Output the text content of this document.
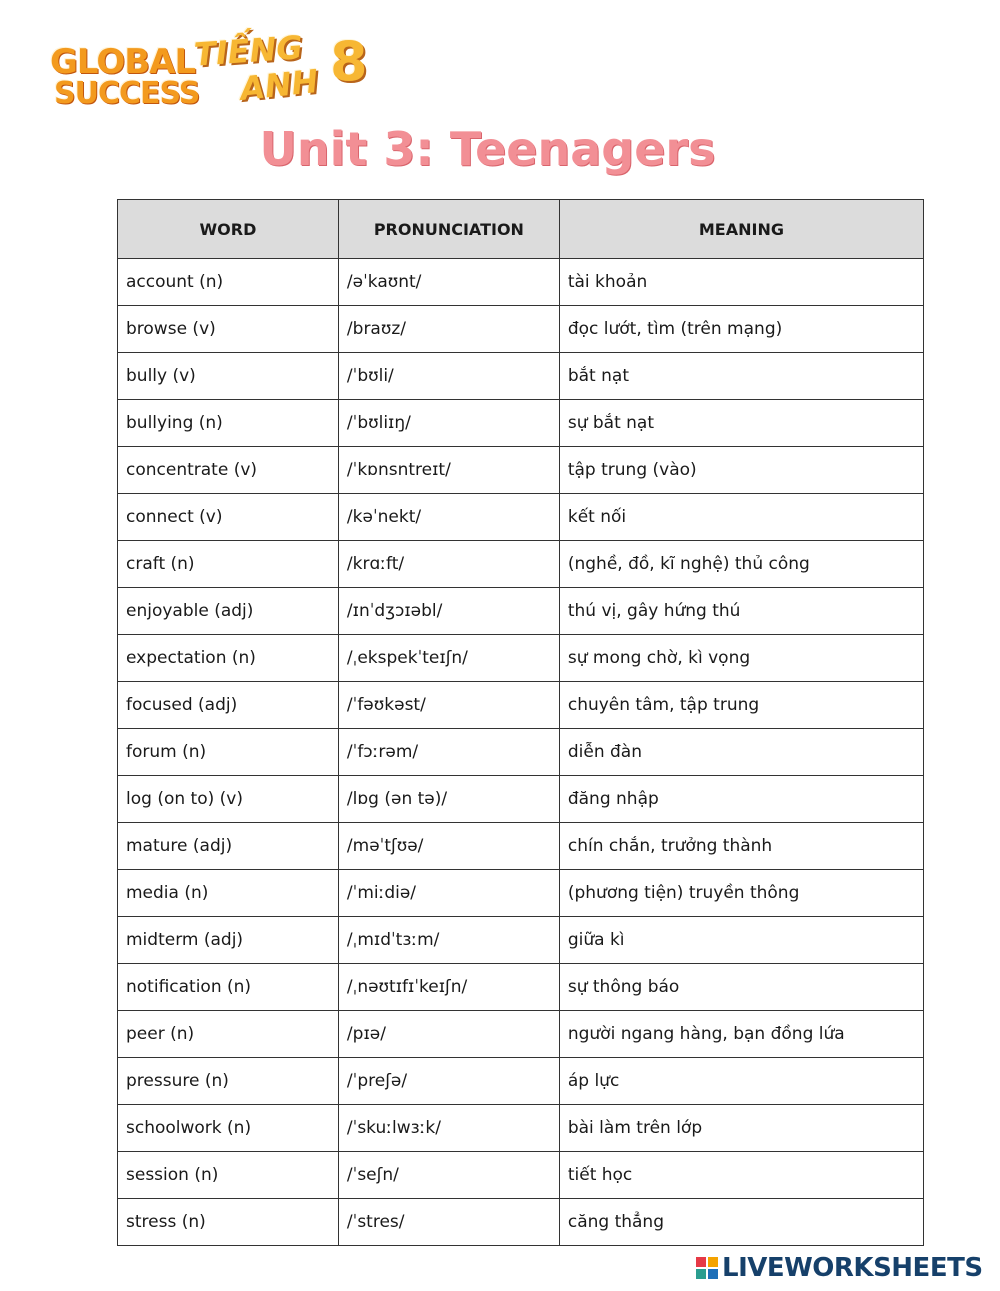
GLOBAL
SUCCESS
TIẾNG
ANH 8
Unit 3: Teenagers
WORD	PRONUNCIATION	MEANING
account (n)	/əˈkaʊnt/	tài khoản
browse (v)	/braʊz/	đọc lướt, tìm (trên mạng)
bully (v)	/ˈbʊli/	bắt nạt
bullying (n)	/ˈbʊliɪŋ/	sự bắt nạt
concentrate (v)	/ˈkɒnsntreɪt/	tập trung (vào)
connect (v)	/kəˈnekt/	kết nối
craft (n)	/krɑːft/	(nghề, đồ, kĩ nghệ) thủ công
enjoyable (adj)	/ɪnˈdʒɔɪəbl/	thú vị, gây hứng thú
expectation (n)	/ˌekspekˈteɪʃn/	sự mong chờ, kì vọng
focused (adj)	/ˈfəʊkəst/	chuyên tâm, tập trung
forum (n)	/ˈfɔːrəm/	diễn đàn
log (on to) (v)	/lɒg (ən tə)/	đăng nhập
mature (adj)	/məˈtʃʊə/	chín chắn, trưởng thành
media (n)	/ˈmiːdiə/	(phương tiện) truyền thông
midterm (adj)	/ˌmɪdˈtɜːm/	giữa kì
notification (n)	/ˌnəʊtɪfɪˈkeɪʃn/	sự thông báo
peer (n)	/pɪə/	người ngang hàng, bạn đồng lứa
pressure (n)	/ˈpreʃə/	áp lực
schoolwork (n)	/ˈskuːlwɜːk/	bài làm trên lớp
session (n)	/ˈseʃn/	tiết học
stress (n)	/ˈstres/	căng thẳng
LIVEWORKSHEETS
